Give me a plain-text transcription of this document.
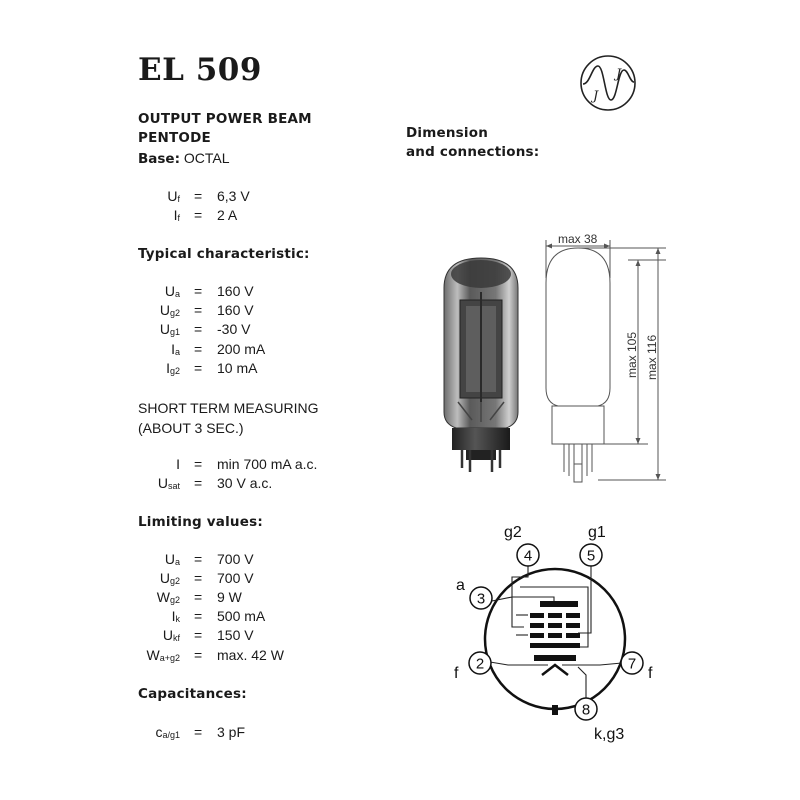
EL 509	J
J
OUTPUT POWER BEAM
PENTODE
Base: OCTAL
$U_f = 6,3$ V
$I_f = 2$ A
Typical characteristic:
$U_a = 160$ V
$U_{g2} = 160$ V
$U_{g1} = -30$ V
$I_a = 200$ mA
$I_{g2} = 10$ mA
SHORT TERM MEASURING
(ABOUT 3 SEC.)
I = min 700 mA a.c.
$U_{sat} = 30$ V a.c.
Limiting values:
$U_a = 700$ V
$U_{g2} = 700$ V
$W_{g2} = 9$ W
$I_k = 500$ mA
$U_{kf} = 150$ V
$W_{a+g2} = \max$. 42 W
Capacitances:
$c_{a/g1} = 3$ pF
Dimension
and connections:
max 38
max 105 max 116
4	5
3
2	7
8
g2	g1
a
f	f
k,g3
